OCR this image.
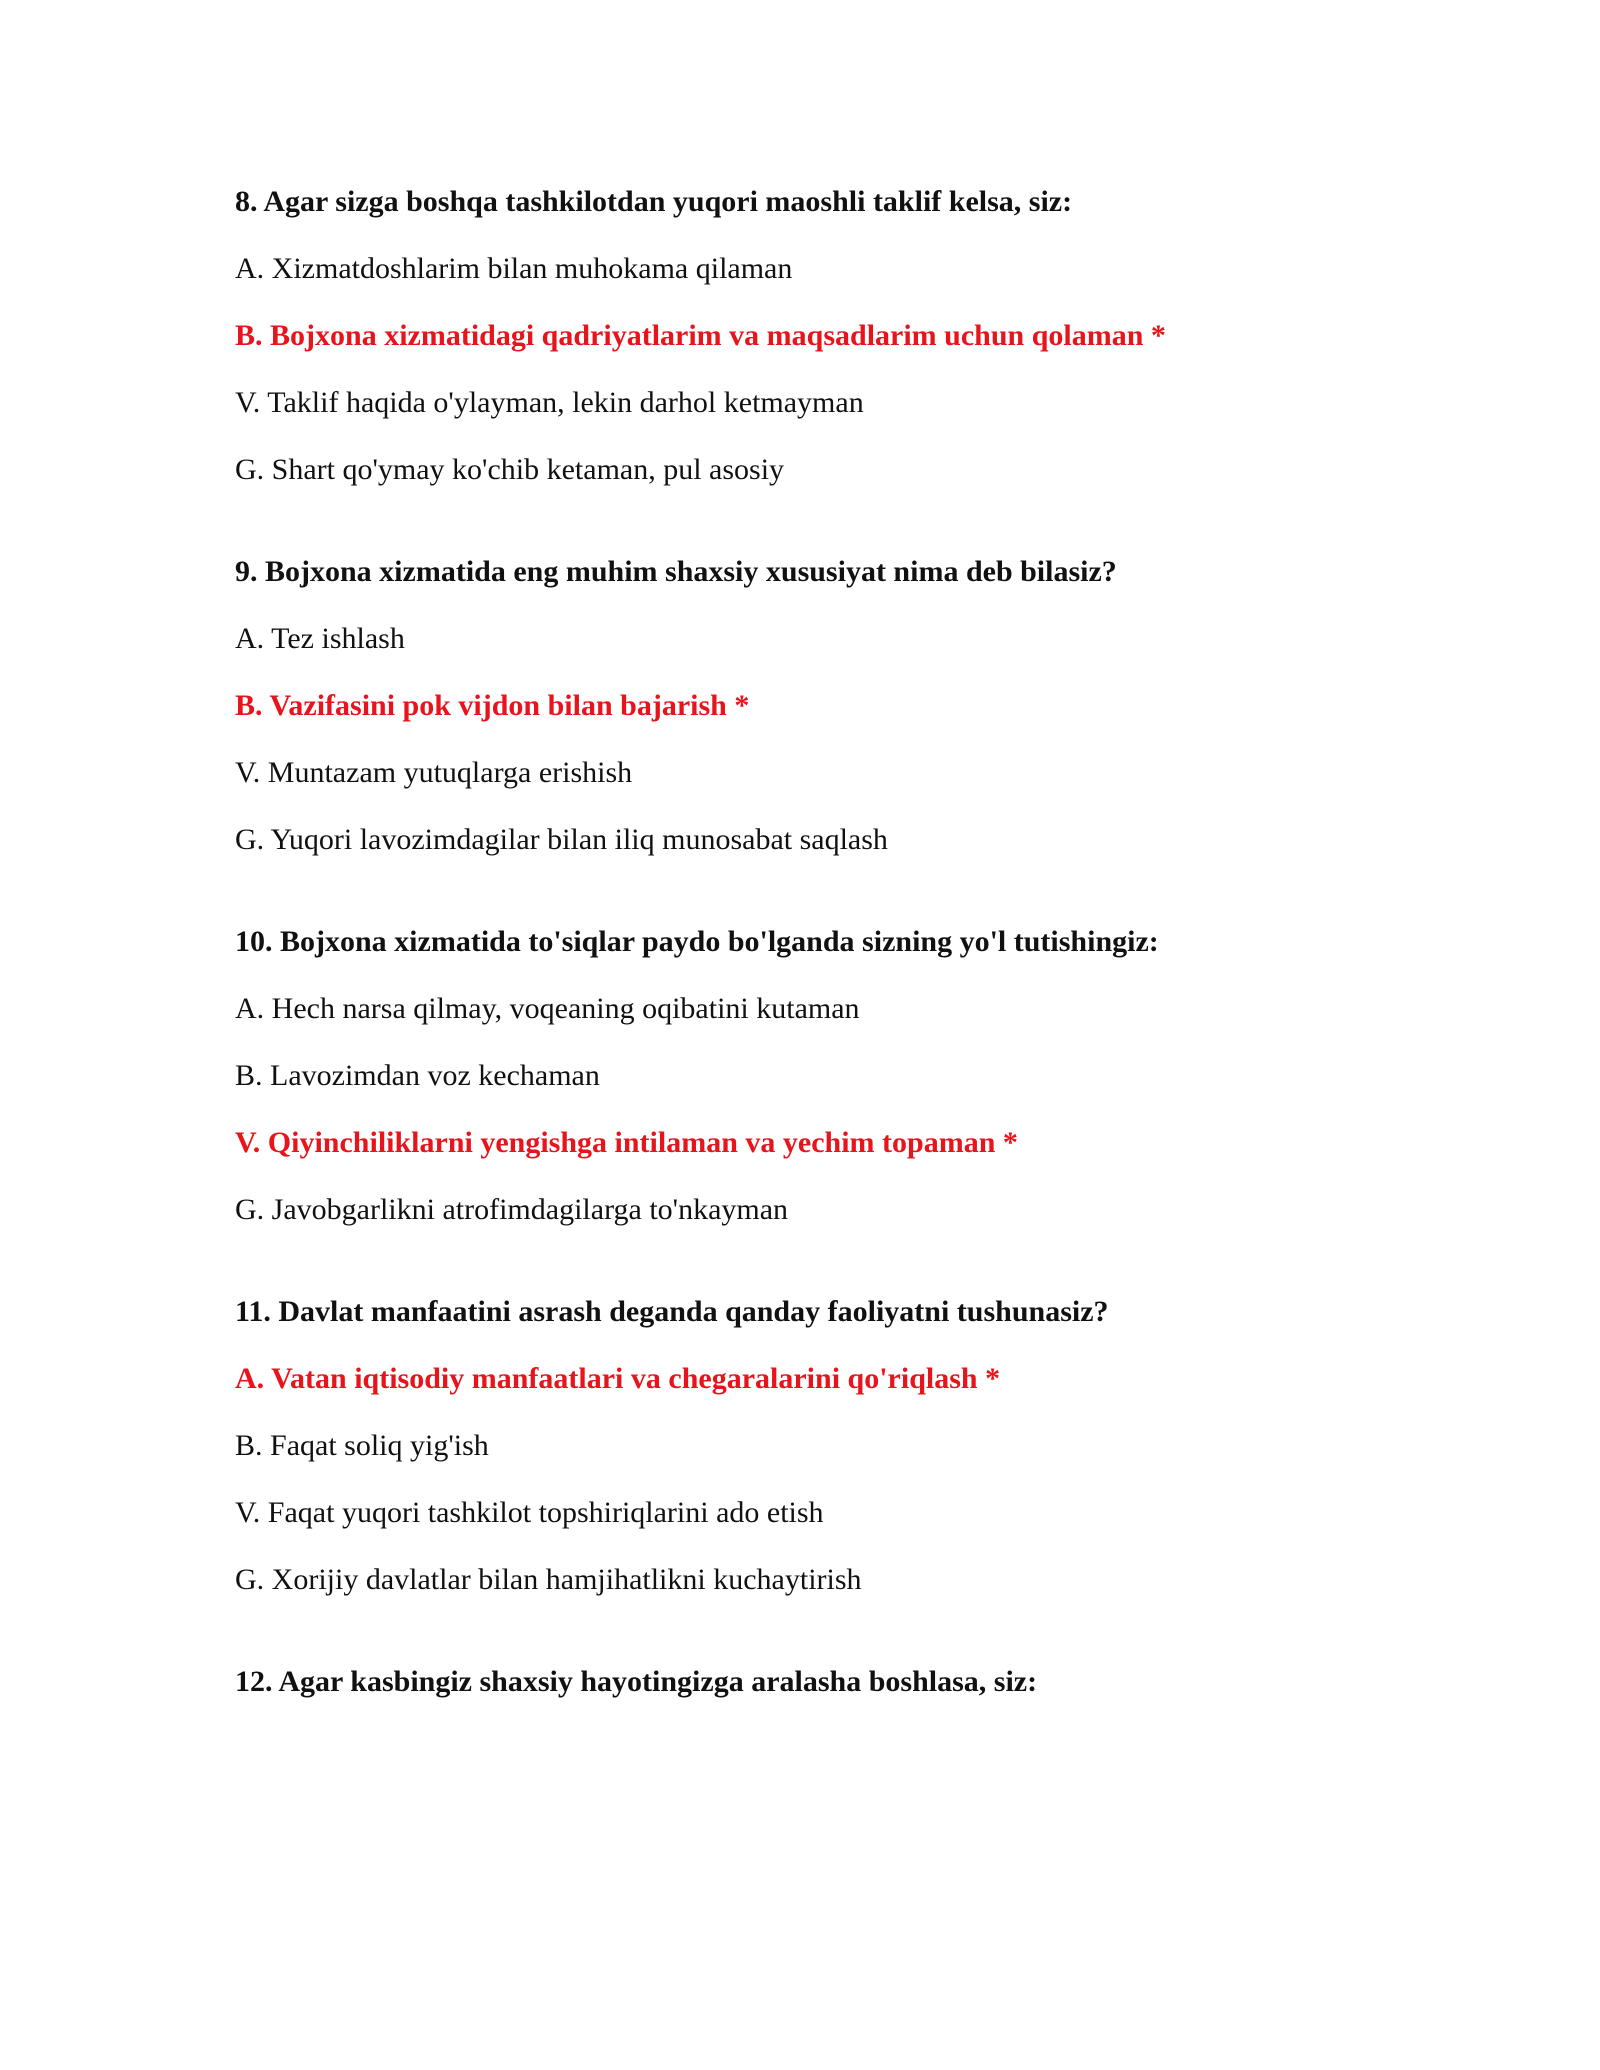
8. Agar sizga boshqa tashkilotdan yuqori maoshli taklif kelsa, siz:
A. Xizmatdoshlarim bilan muhokama qilaman
B. Bojxona xizmatidagi qadriyatlarim va maqsadlarim uchun qolaman *
V. Taklif haqida o'ylayman, lekin darhol ketmayman
G. Shart qo'ymay ko'chib ketaman, pul asosiy
9. Bojxona xizmatida eng muhim shaxsiy xususiyat nima deb bilasiz?
A. Tez ishlash
B. Vazifasini pok vijdon bilan bajarish *
V. Muntazam yutuqlarga erishish
G. Yuqori lavozimdagilar bilan iliq munosabat saqlash
10. Bojxona xizmatida to'siqlar paydo bo'lganda sizning yo'l tutishingiz:
A. Hech narsa qilmay, voqeaning oqibatini kutaman
B. Lavozimdan voz kechaman
V. Qiyinchiliklarni yengishga intilaman va yechim topaman *
G. Javobgarlikni atrofimdagilarga to'nkayman
11. Davlat manfaatini asrash deganda qanday faoliyatni tushunasiz?
A. Vatan iqtisodiy manfaatlari va chegaralarini qo'riqlash *
B. Faqat soliq yig'ish
V. Faqat yuqori tashkilot topshiriqlarini ado etish
G. Xorijiy davlatlar bilan hamjihatlikni kuchaytirish
12. Agar kasbingiz shaxsiy hayotingizga aralasha boshlasa, siz:
